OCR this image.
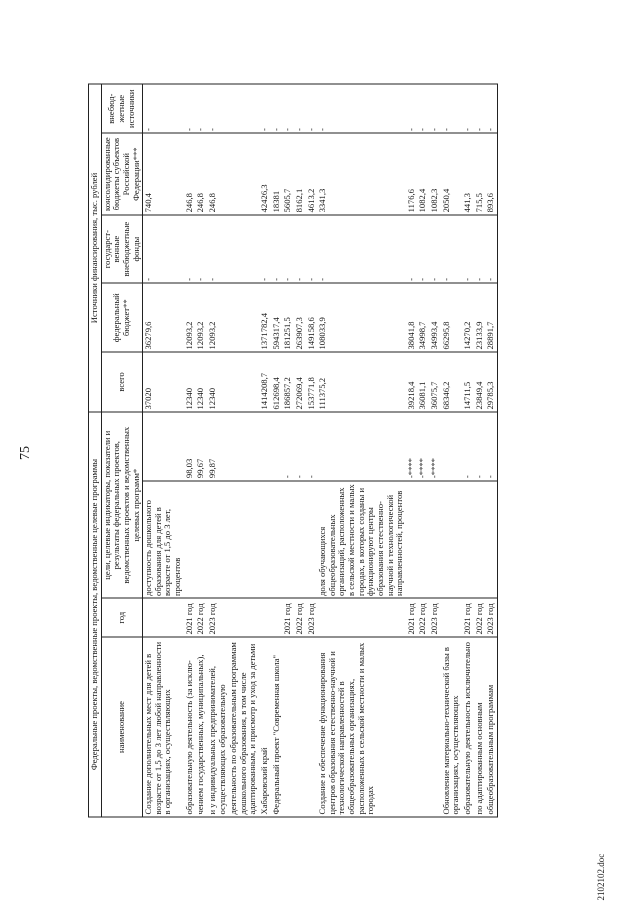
75
2102102.doc
Федеральные проекты, ведомственные проекты, ведомственные целевые программы				Источники финансирования, тыс. рублей				
наименование	год	цели, целевые индикаторы, показатели и результаты федеральных проектов, ведомственных проектов и ведомственных целевых программ*		всего	федеральный бюджет**	государст-венные внебюджетные фонды	консолидированные бюджеты субъектов Российской Федерации***	внебюд-жетные источники
Создание дополнительных мест для детей в возрасте от 1,5 до 3 лет любой направленности в организациях, осуществляющих		доступность дошкольного образования для детей в возрасте от 1,5 до 3 лет, процентов		37020	36279,6	-	740,4	-
образовательную деятельность (за исклю-	2021 год		98,03	12340	12093,2	-	246,8	-
чением государственных, муниципальных),	2022 год		99,67	12340	12093,2	-	246,8	-
и у индивидуальных предпринимателей, осуществляющих образовательную	2023 год		99,87	12340	12093,2	-	246,8	-
деятельность по образовательным программам дошкольного образования, в том числе адаптированным, и присмотр и уход за детьми								
Хабаровский край				1414208,7	1371782,4	-	42426,3	-
Федеральный проект "Современная школа"				612698,4	594317,4	-	18381	-
	2021 год		-	186857,2	181251,5	-	5605,7	-
	2022 год		-	272069,4	263907,3	-	8162,1	-
	2023 год		-	153771,8	149158,6	-	4613,2	-
Создание и обеспечение функционирования центров образования естественно-научной и технологической направленностей в общеобразовательных организациях, расположенных в сельской местности и малых городах		доля обучающихся общеобразовательных организаций, расположенных в сельской местности и малых городах, в которых созданы и функционируют центры образования естественно-научной и технологической направленностей, процентов		111375,2	108033,9	-	3341,3	-
	2021 год		-****	39218,4	38041,8	-	1176,6	-
	2022 год		-****	36081,1	34998,7	-	1082,4	-
	2023 год		-****	36075,7	34993,4	-	1082,3	-
Обновление материально-технической базы в организациях, осуществляющих				68346,2	66295,8	-	2050,4	-
образовательную деятельность исключительно	2021 год		-	14711,5	14270,2	-	441,3	-
по адаптированным основным	2022 год		-	23849,4	23133,9	-	715,5	-
общеобразовательным программам	2023 год		-	29785,3	28891,7	-	893,6	-
